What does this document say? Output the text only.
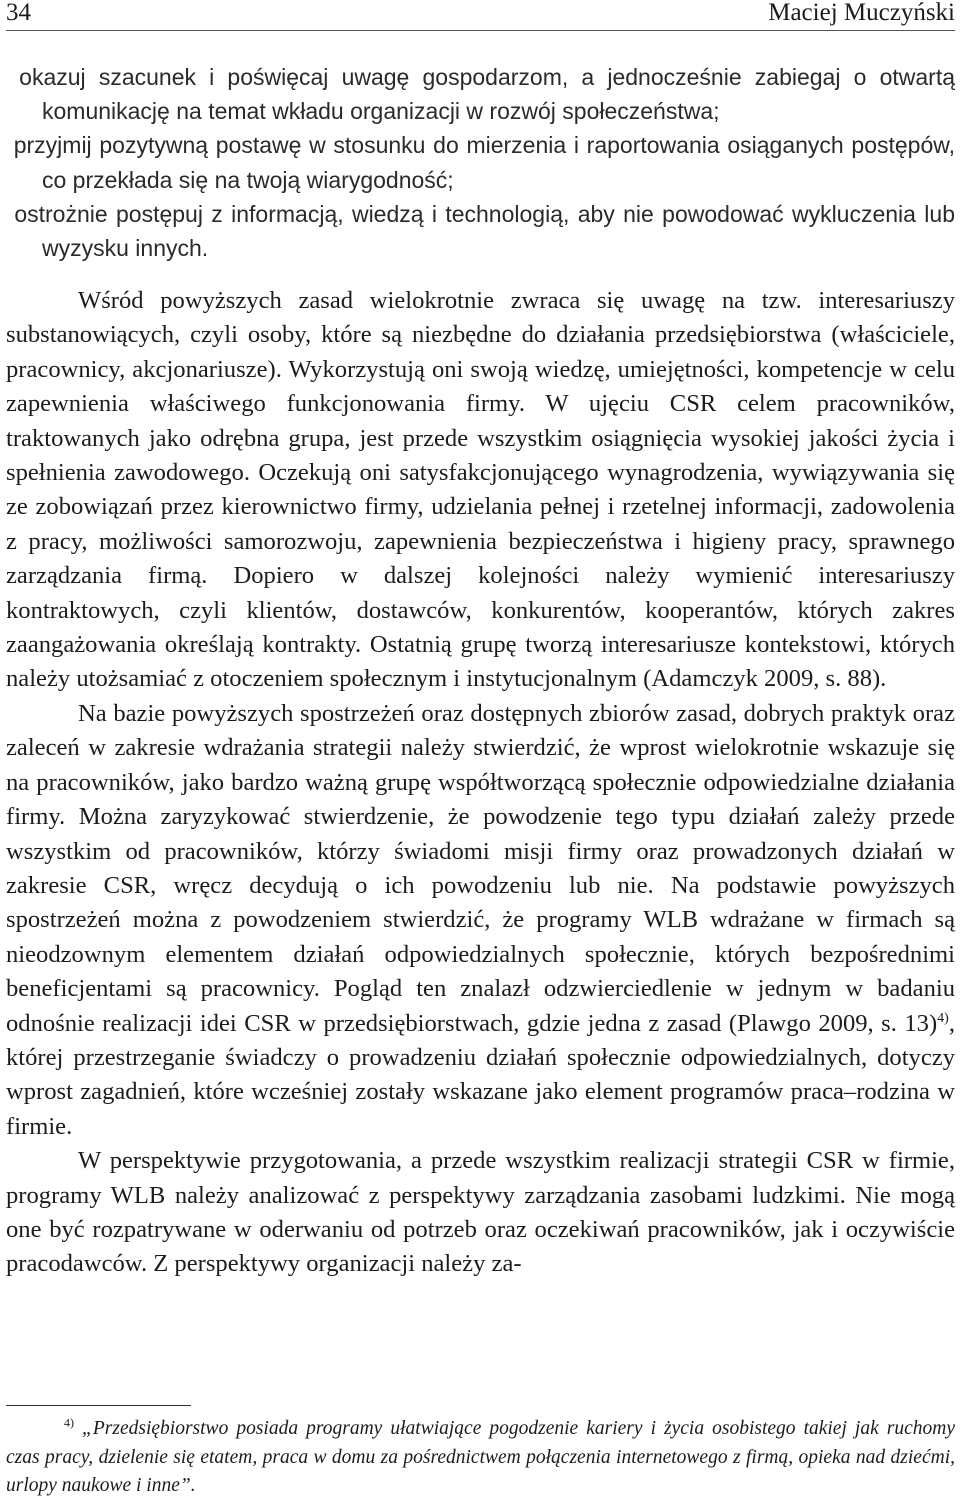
34	Maciej Muczyński

okazuj szacunek i poświęcaj uwagę gospodarzom, a jednocześnie zabiegaj o otwartą komunikację na temat wkładu organizacji w rozwój społeczeństwa;

przyjmij pozytywną postawę w stosunku do mierzenia i raportowania osiąganych postępów, co przekłada się na twoją wiarygodność;

ostrożnie postępuj z informacją, wiedzą i technologią, aby nie powodować wykluczenia lub wyzysku innych.

Wśród powyższych zasad wielokrotnie zwraca się uwagę na tzw. interesariuszy substanowiących, czyli osoby, które są niezbędne do działania przedsiębiorstwa (właściciele, pracownicy, akcjonariusze). Wykorzystują oni swoją wiedzę, umiejętności, kompetencje w celu zapewnienia właściwego funkcjonowania firmy. W ujęciu CSR celem pracowników, traktowanych jako odrębna grupa, jest przede wszystkim osiągnięcia wysokiej jakości życia i spełnienia zawodowego. Oczekują oni satysfakcjonującego wynagrodzenia, wywiązywania się ze zobowiązań przez kierownictwo firmy, udzielania pełnej i rzetelnej informacji, zadowolenia z pracy, możliwości samorozwoju, zapewnienia bezpieczeństwa i higieny pracy, sprawnego zarządzania firmą. Dopiero w dalszej kolejności należy wymienić interesariuszy kontraktowych, czyli klientów, dostawców, konkurentów, kooperantów, których zakres zaangażowania określają kontrakty. Ostatnią grupę tworzą interesariusze kontekstowi, których należy utożsamiać z otoczeniem społecznym i instytucjonalnym (Adamczyk 2009, s. 88).

Na bazie powyższych spostrzeżeń oraz dostępnych zbiorów zasad, dobrych praktyk oraz zaleceń w zakresie wdrażania strategii należy stwierdzić, że wprost wielokrotnie wskazuje się na pracowników, jako bardzo ważną grupę współtworzącą społecznie odpowiedzialne działania firmy. Można zaryzykować stwierdzenie, że powodzenie tego typu działań zależy przede wszystkim od pracowników, którzy świadomi misji firmy oraz prowadzonych działań w zakresie CSR, wręcz decydują o ich powodzeniu lub nie. Na podstawie powyższych spostrzeżeń można z powodzeniem stwierdzić, że programy WLB wdrażane w firmach są nieodzownym elementem działań odpowiedzialnych społecznie, których bezpośrednimi beneficjentami są pracownicy. Pogląd ten znalazł odzwierciedlenie w jednym w badaniu odnośnie realizacji idei CSR w przedsiębiorstwach, gdzie jedna z zasad (Plawgo 2009, s. 13)$^{4)}$, której przestrzeganie świadczy o prowadzeniu działań społecznie odpowiedzialnych, dotyczy wprost zagadnień, które wcześniej zostały wskazane jako element programów praca–rodzina w firmie.

W perspektywie przygotowania, a przede wszystkim realizacji strategii CSR w firmie, programy WLB należy analizować z perspektywy zarządzania zasobami ludzkimi. Nie mogą one być rozpatrywane w oderwaniu od potrzeb oraz oczekiwań pracowników, jak i oczywiście pracodawców. Z perspektywy organizacji należy za-

$^{4)}$ „Przedsiębiorstwo posiada programy ułatwiające pogodzenie kariery i życia osobistego takiej jak ruchomy czas pracy, dzielenie się etatem, praca w domu za pośrednictwem połączenia internetowego z firmą, opieka nad dziećmi, urlopy naukowe i inne”.
